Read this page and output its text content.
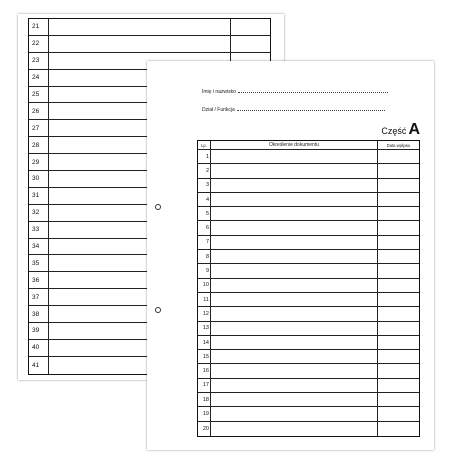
21
22
23
24
25
26
27
28
29
30
31
32
33
34
35
36
37
38
39
40
41
Imię i nazwisko
Dział / Funkcja
Część A
Lp.	Określenie dokumentu	Data wpływu
1
2
3
4
5
6
7
8
9
10
11
12
13
14
15
16
17
18
19
20
